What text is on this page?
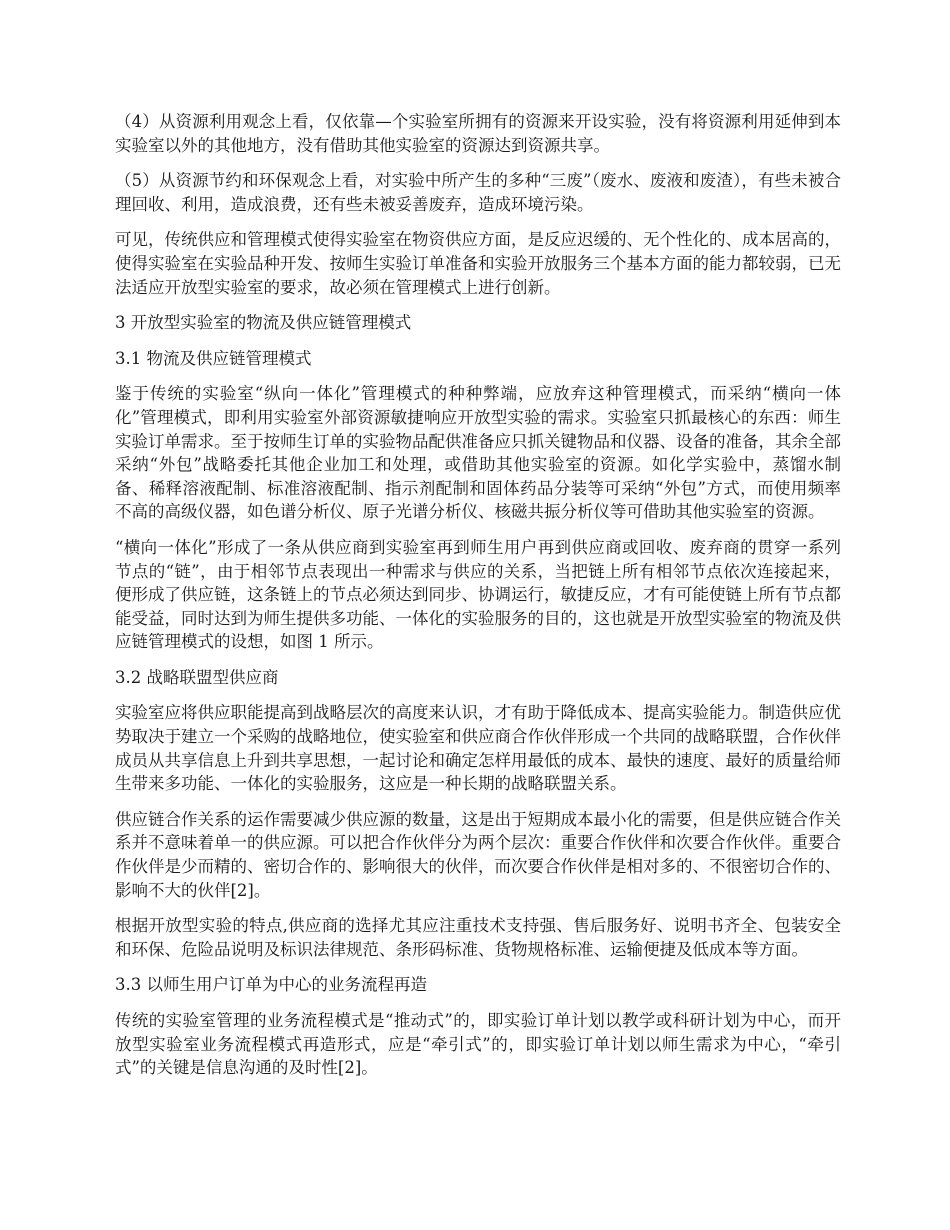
（4）从资源利用观念上看，仅依靠—个实验室所拥有的资源来开设实验，没有将资源利用延伸到本实验室以外的其他地方，没有借助其他实验室的资源达到资源共享。

（5）从资源节约和环保观念上看，对实验中所产生的多种“三废”（废水、废液和废渣），有些未被合理回收、利用，造成浪费，还有些未被妥善废弃，造成环境污染。

可见，传统供应和管理模式使得实验室在物资供应方面，是反应迟缓的、无个性化的、成本居高的，使得实验室在实验品种开发、按师生实验订单准备和实验开放服务三个基本方面的能力都较弱，已无法适应开放型实验室的要求，故必须在管理模式上进行创新。

3 开放型实验室的物流及供应链管理模式

3.1 物流及供应链管理模式

鉴于传统的实验室“纵向一体化”管理模式的种种弊端，应放弃这种管理模式，而采纳“横向一体化”管理模式，即利用实验室外部资源敏捷响应开放型实验的需求。实验室只抓最核心的东西：师生实验订单需求。至于按师生订单的实验物品配供准备应只抓关键物品和仪器、设备的准备，其余全部采纳“外包”战略委托其他企业加工和处理，或借助其他实验室的资源。如化学实验中，蒸馏水制备、稀释溶液配制、标准溶液配制、指示剂配制和固体药品分装等可采纳“外包”方式，而使用频率不高的高级仪器，如色谱分析仪、原子光谱分析仪、核磁共振分析仪等可借助其他实验室的资源。

“横向一体化”形成了一条从供应商到实验室再到师生用户再到供应商或回收、废弃商的贯穿一系列节点的“链”，由于相邻节点表现出一种需求与供应的关系，当把链上所有相邻节点依次连接起来，便形成了供应链，这条链上的节点必须达到同步、协调运行，敏捷反应，才有可能使链上所有节点都能受益，同时达到为师生提供多功能、一体化的实验服务的目的，这也就是开放型实验室的物流及供应链管理模式的设想，如图 1 所示。

3.2 战略联盟型供应商

实验室应将供应职能提高到战略层次的高度来认识，才有助于降低成本、提高实验能力。制造供应优势取决于建立一个采购的战略地位，使实验室和供应商合作伙伴形成一个共同的战略联盟，合作伙伴成员从共享信息上升到共享思想，一起讨论和确定怎样用最低的成本、最快的速度、最好的质量给师生带来多功能、一体化的实验服务，这应是一种长期的战略联盟关系。

供应链合作关系的运作需要减少供应源的数量，这是出于短期成本最小化的需要，但是供应链合作关系并不意味着单一的供应源。可以把合作伙伴分为两个层次：重要合作伙伴和次要合作伙伴。重要合作伙伴是少而精的、密切合作的、影响很大的伙伴，而次要合作伙伴是相对多的、不很密切合作的、影响不大的伙伴[2]。

根据开放型实验的特点,供应商的选择尤其应注重技术支持强、售后服务好、说明书齐全、包装安全和环保、危险品说明及标识法律规范、条形码标准、货物规格标准、运输便捷及低成本等方面。

3.3 以师生用户订单为中心的业务流程再造

传统的实验室管理的业务流程模式是“推动式”的，即实验订单计划以教学或科研计划为中心，而开放型实验室业务流程模式再造形式，应是“牵引式”的，即实验订单计划以师生需求为中心，“牵引式”的关键是信息沟通的及时性[2]。
